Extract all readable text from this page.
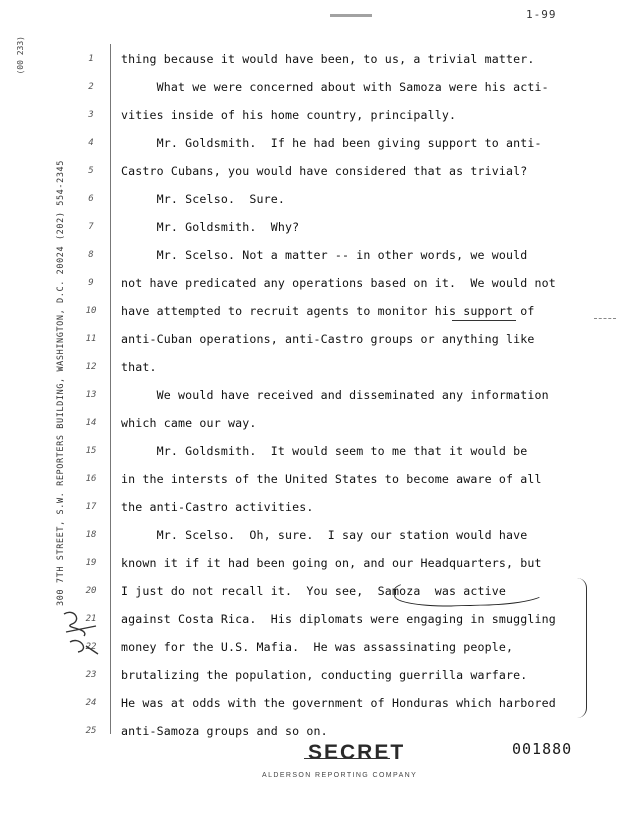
1-99
(00 233)
300 7TH STREET, S.W. REPORTERS BUILDING, WASHINGTON, D.C. 20024 (202) 554-2345
1	thing because it would have been, to us, a trivial matter.
2	What we were concerned about with Samoza were his acti-
3	vities inside of his home country, principally.
4	Mr. Goldsmith.  If he had been giving support to anti-
5	Castro Cubans, you would have considered that as trivial?
6	Mr. Scelso.  Sure.
7	Mr. Goldsmith.  Why?
8	Mr. Scelso. Not a matter -- in other words, we would
9	not have predicated any operations based on it.  We would not
10 have attempted to recruit agents to monitor his support of
11 anti-Cuban operations, anti-Castro groups or anything like
12 that.
13 We would have received and disseminated any information
14 which came our way.
15 Mr. Goldsmith.  It would seem to me that it would be
16 in the intersts of the United States to become aware of all
17 the anti-Castro activities.
18 Mr. Scelso.  Oh, sure.  I say our station would have
19 known it if it had been going on, and our Headquarters, but
20 I just do not recall it.  You see,  Samoza  was active
21 against Costa Rica.  His diplomats were engaging in smuggling
22 money for the U.S. Mafia.  He was assassinating people,
23 brutalizing the population, conducting guerrilla warfare.
24 He was at odds with the government of Honduras which harbored
25 anti-Samoza groups and so on.
SECRET	001880
ALDERSON REPORTING COMPANY
